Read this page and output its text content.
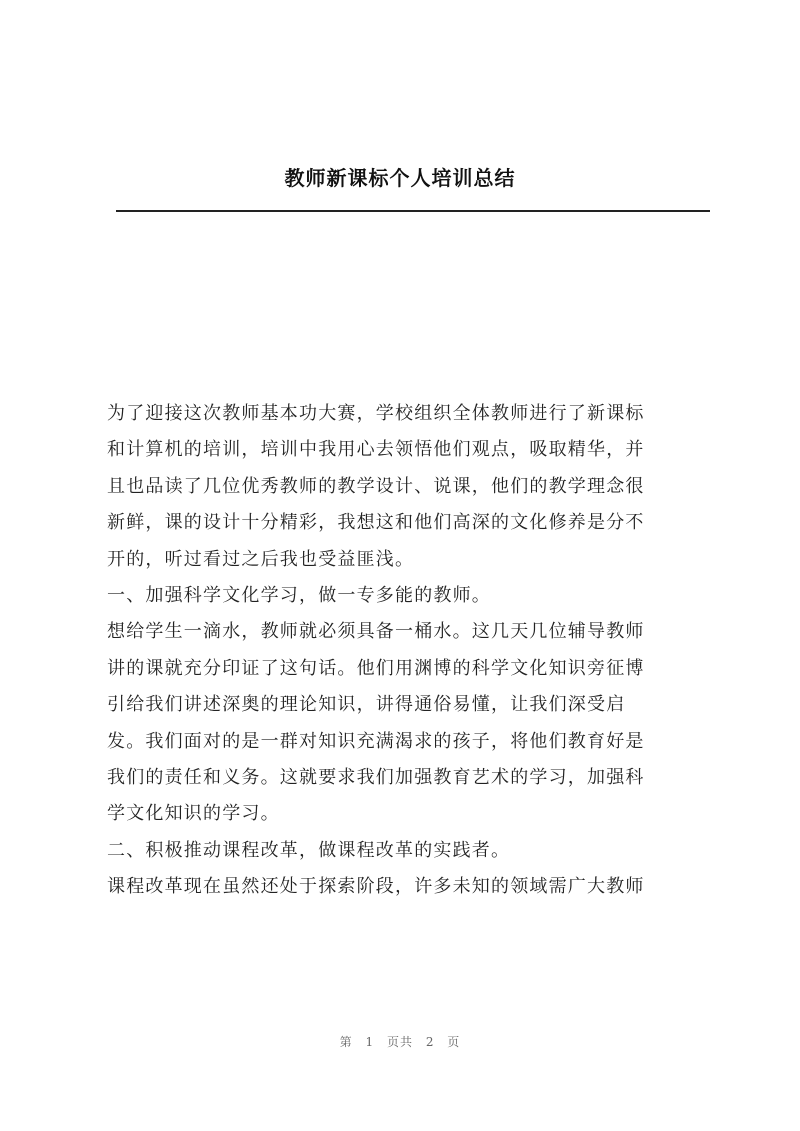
教师新课标个人培训总结
为了迎接这次教师基本功大赛，学校组织全体教师进行了新课标
和计算机的培训，培训中我用心去领悟他们观点，吸取精华，并
且也品读了几位优秀教师的教学设计、说课，他们的教学理念很
新鲜，课的设计十分精彩，我想这和他们高深的文化修养是分不
开的，听过看过之后我也受益匪浅。
一、加强科学文化学习，做一专多能的教师。
想给学生一滴水，教师就必须具备一桶水。这几天几位辅导教师
讲的课就充分印证了这句话。他们用渊博的科学文化知识旁征博
引给我们讲述深奥的理论知识，讲得通俗易懂，让我们深受启
发。我们面对的是一群对知识充满渴求的孩子，将他们教育好是
我们的责任和义务。这就要求我们加强教育艺术的学习，加强科
学文化知识的学习。
二、积极推动课程改革，做课程改革的实践者。
课程改革现在虽然还处于探索阶段，许多未知的领域需广大教师
第 1 页共 2 页
